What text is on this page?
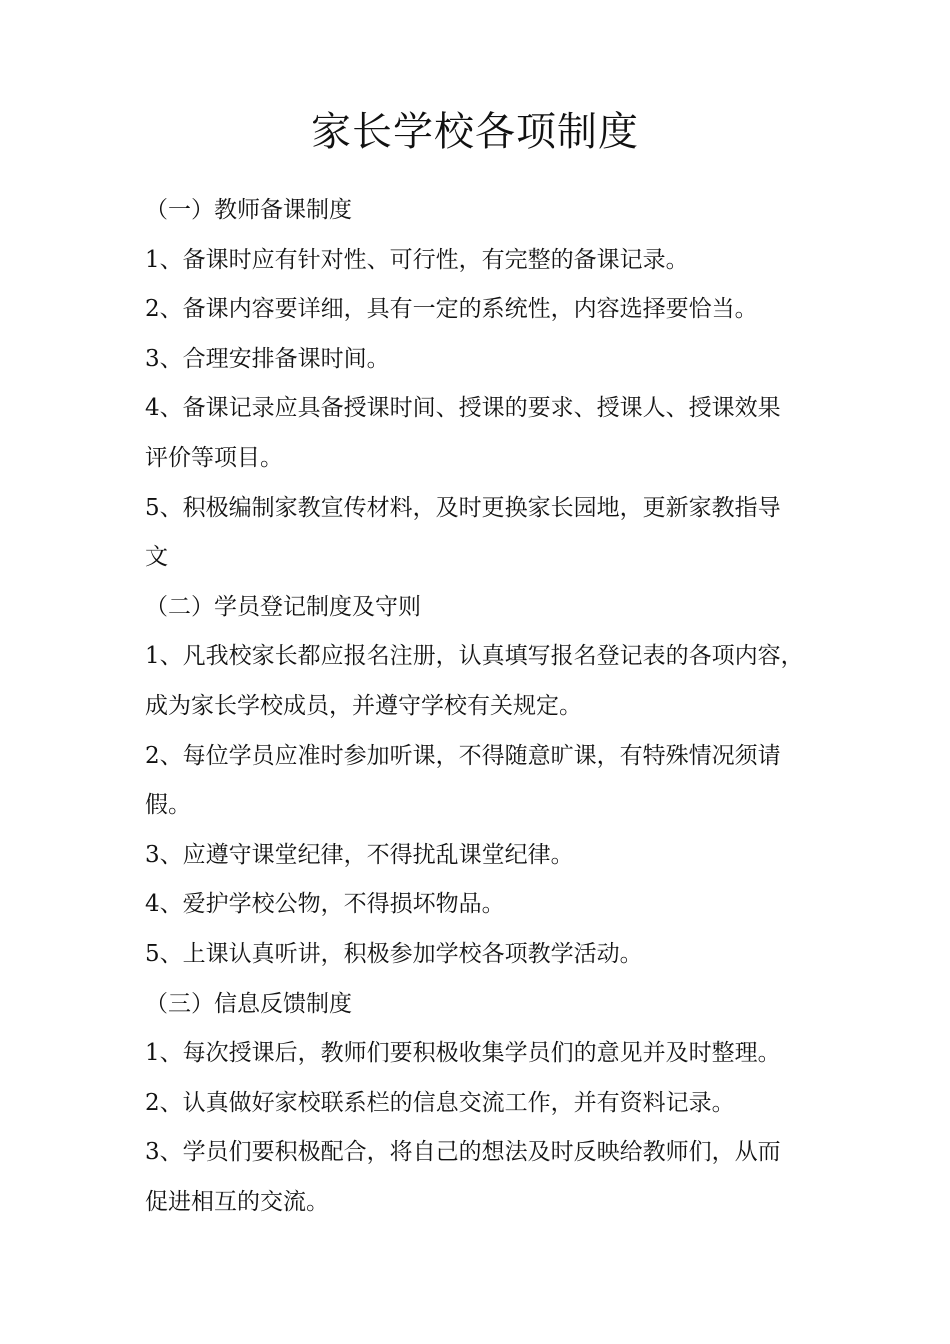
家长学校各项制度

（一）教师备课制度

1、备课时应有针对性、可行性，有完整的备课记录。

2、备课内容要详细，具有一定的系统性，内容选择要恰当。

3、合理安排备课时间。

4、备课记录应具备授课时间、授课的要求、授课人、授课效果

评价等项目。

5、积极编制家教宣传材料，及时更换家长园地，更新家教指导

文

（二）学员登记制度及守则

1、凡我校家长都应报名注册，认真填写报名登记表的各项内容，

成为家长学校成员，并遵守学校有关规定。

2、每位学员应准时参加听课，不得随意旷课，有特殊情况须请

假。

3、应遵守课堂纪律，不得扰乱课堂纪律。

4、爱护学校公物，不得损坏物品。

5、上课认真听讲，积极参加学校各项教学活动。

（三）信息反馈制度

1、每次授课后，教师们要积极收集学员们的意见并及时整理。

2、认真做好家校联系栏的信息交流工作，并有资料记录。

3、学员们要积极配合，将自己的想法及时反映给教师们，从而

促进相互的交流。
